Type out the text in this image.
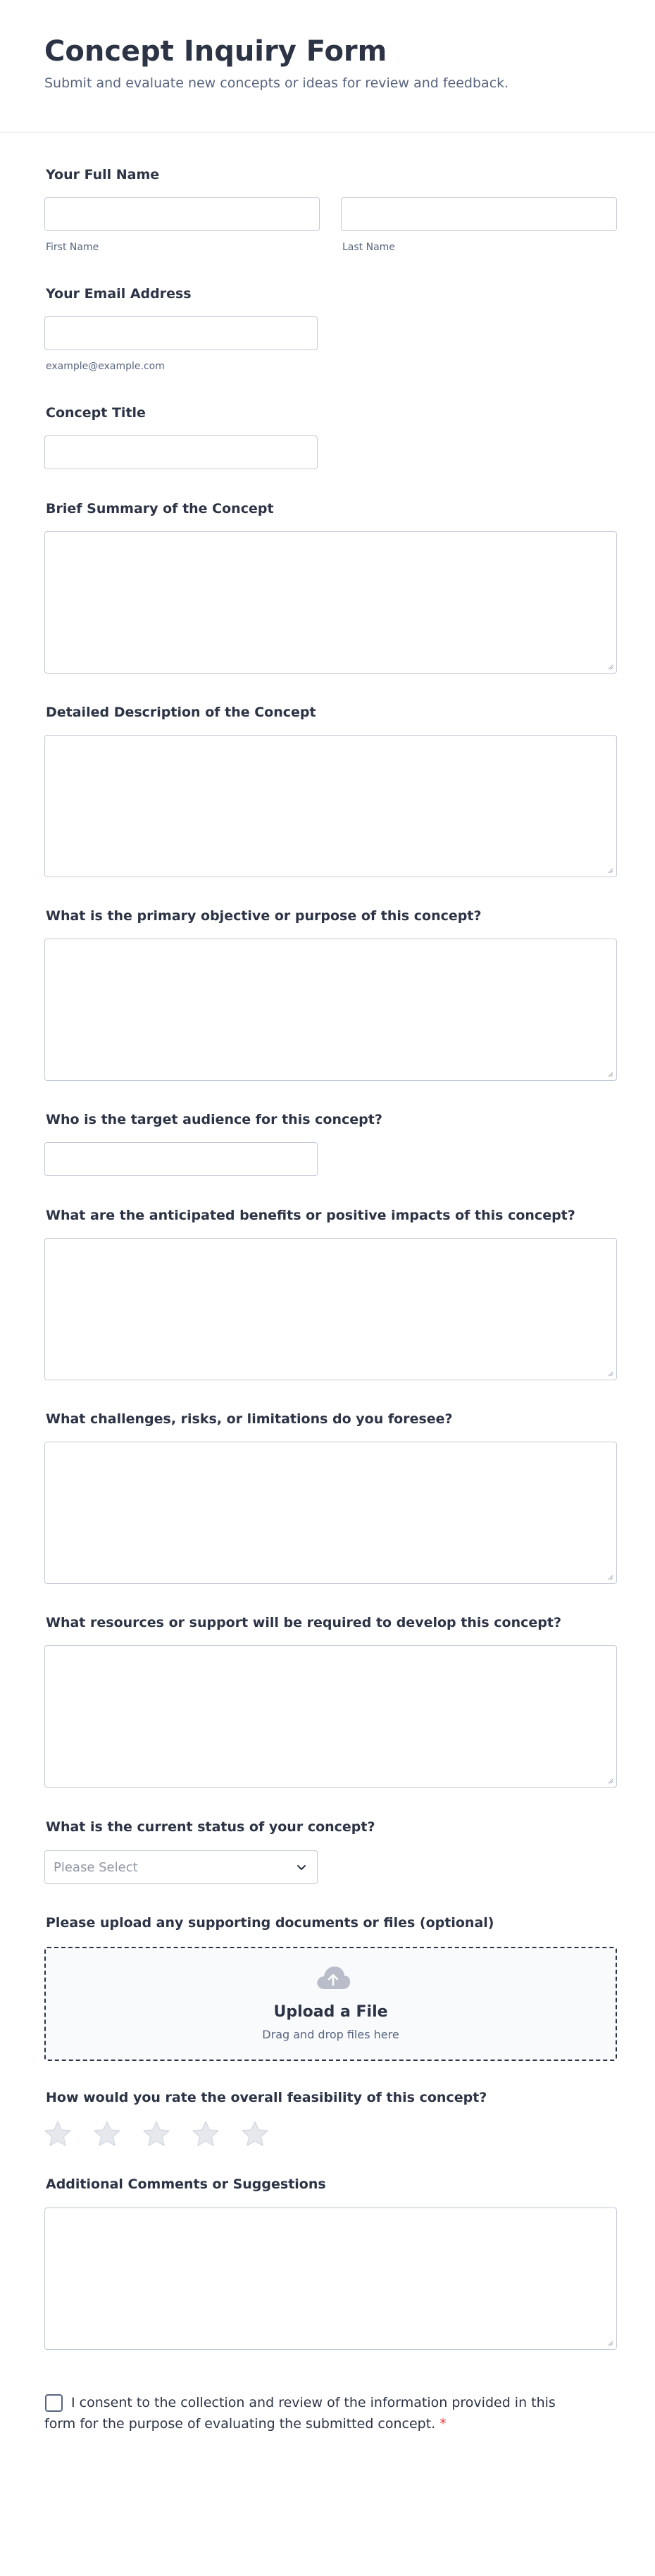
Concept Inquiry Form
Submit and evaluate new concepts or ideas for review and feedback.
Your Full Name
First Name	Last Name
Your Email Address
example@example.com
Concept Title
Brief Summary of the Concept
Detailed Description of the Concept
What is the primary objective or purpose of this concept?
Who is the target audience for this concept?
What are the anticipated benefits or positive impacts of this concept?
What challenges, risks, or limitations do you foresee?
What resources or support will be required to develop this concept?
What is the current status of your concept?
Please Select
Please upload any supporting documents or files (optional)
Upload a File
Drag and drop files here
How would you rate the overall feasibility of this concept?
Additional Comments or Suggestions
I consent to the collection and review of the information provided in this form for the purpose of evaluating the submitted concept. *
